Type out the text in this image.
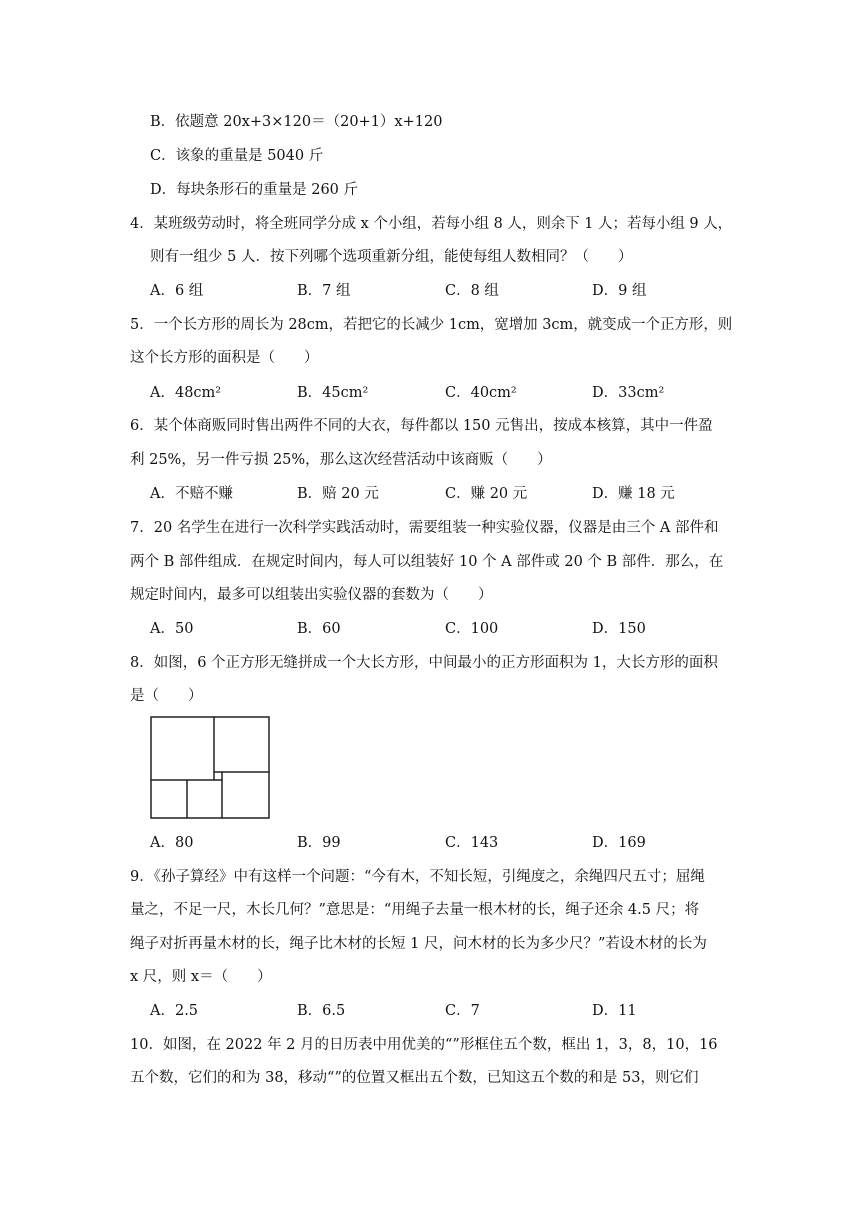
B．依题意 20x+3×120＝（20+1）x+120
C．该象的重量是 5040 斤
D．每块条形石的重量是 260 斤
4．某班级劳动时，将全班同学分成 x 个小组，若每小组 8 人，则余下 1 人；若每小组 9 人，
则有一组少 5 人．按下列哪个选项重新分组，能使每组人数相同？（　　）
A．6 组	B．7 组	C．8 组	D．9 组
5．一个长方形的周长为 28cm，若把它的长减少 1cm，宽增加 3cm，就变成一个正方形，则
这个长方形的面积是（　　）
A．48cm²	B．45cm²	C．40cm²	D．33cm²
6．某个体商贩同时售出两件不同的大衣，每件都以 150 元售出，按成本核算，其中一件盈
利 25%，另一件亏损 25%，那么这次经营活动中该商贩（　　）
A．不赔不赚	B．赔 20 元	C．赚 20 元	D．赚 18 元
7．20 名学生在进行一次科学实践活动时，需要组装一种实验仪器，仪器是由三个 A 部件和
两个 B 部件组成．在规定时间内，每人可以组装好 10 个 A 部件或 20 个 B 部件．那么，在
规定时间内，最多可以组装出实验仪器的套数为（　　）
A．50	B．60	C．100	D．150
8．如图，6 个正方形无缝拼成一个大长方形，中间最小的正方形面积为 1，大长方形的面积
是（　　）
A．80	B．99	C．143	D．169
9．《孙子算经》中有这样一个问题：“今有木，不知长短，引绳度之，余绳四尺五寸；屈绳
量之，不足一尺，木长几何？”意思是：“用绳子去量一根木材的长，绳子还余 4.5 尺；将
绳子对折再量木材的长，绳子比木材的长短 1 尺，问木材的长为多少尺？”若设木材的长为
x 尺，则 x＝（　　）
A．2.5	B．6.5	C．7	D．11
10．如图，在 2022 年 2 月的日历表中用优美的“”形框住五个数，框出 1，3，8，10，16
五个数，它们的和为 38，移动“”的位置又框出五个数，已知这五个数的和是 53，则它们
